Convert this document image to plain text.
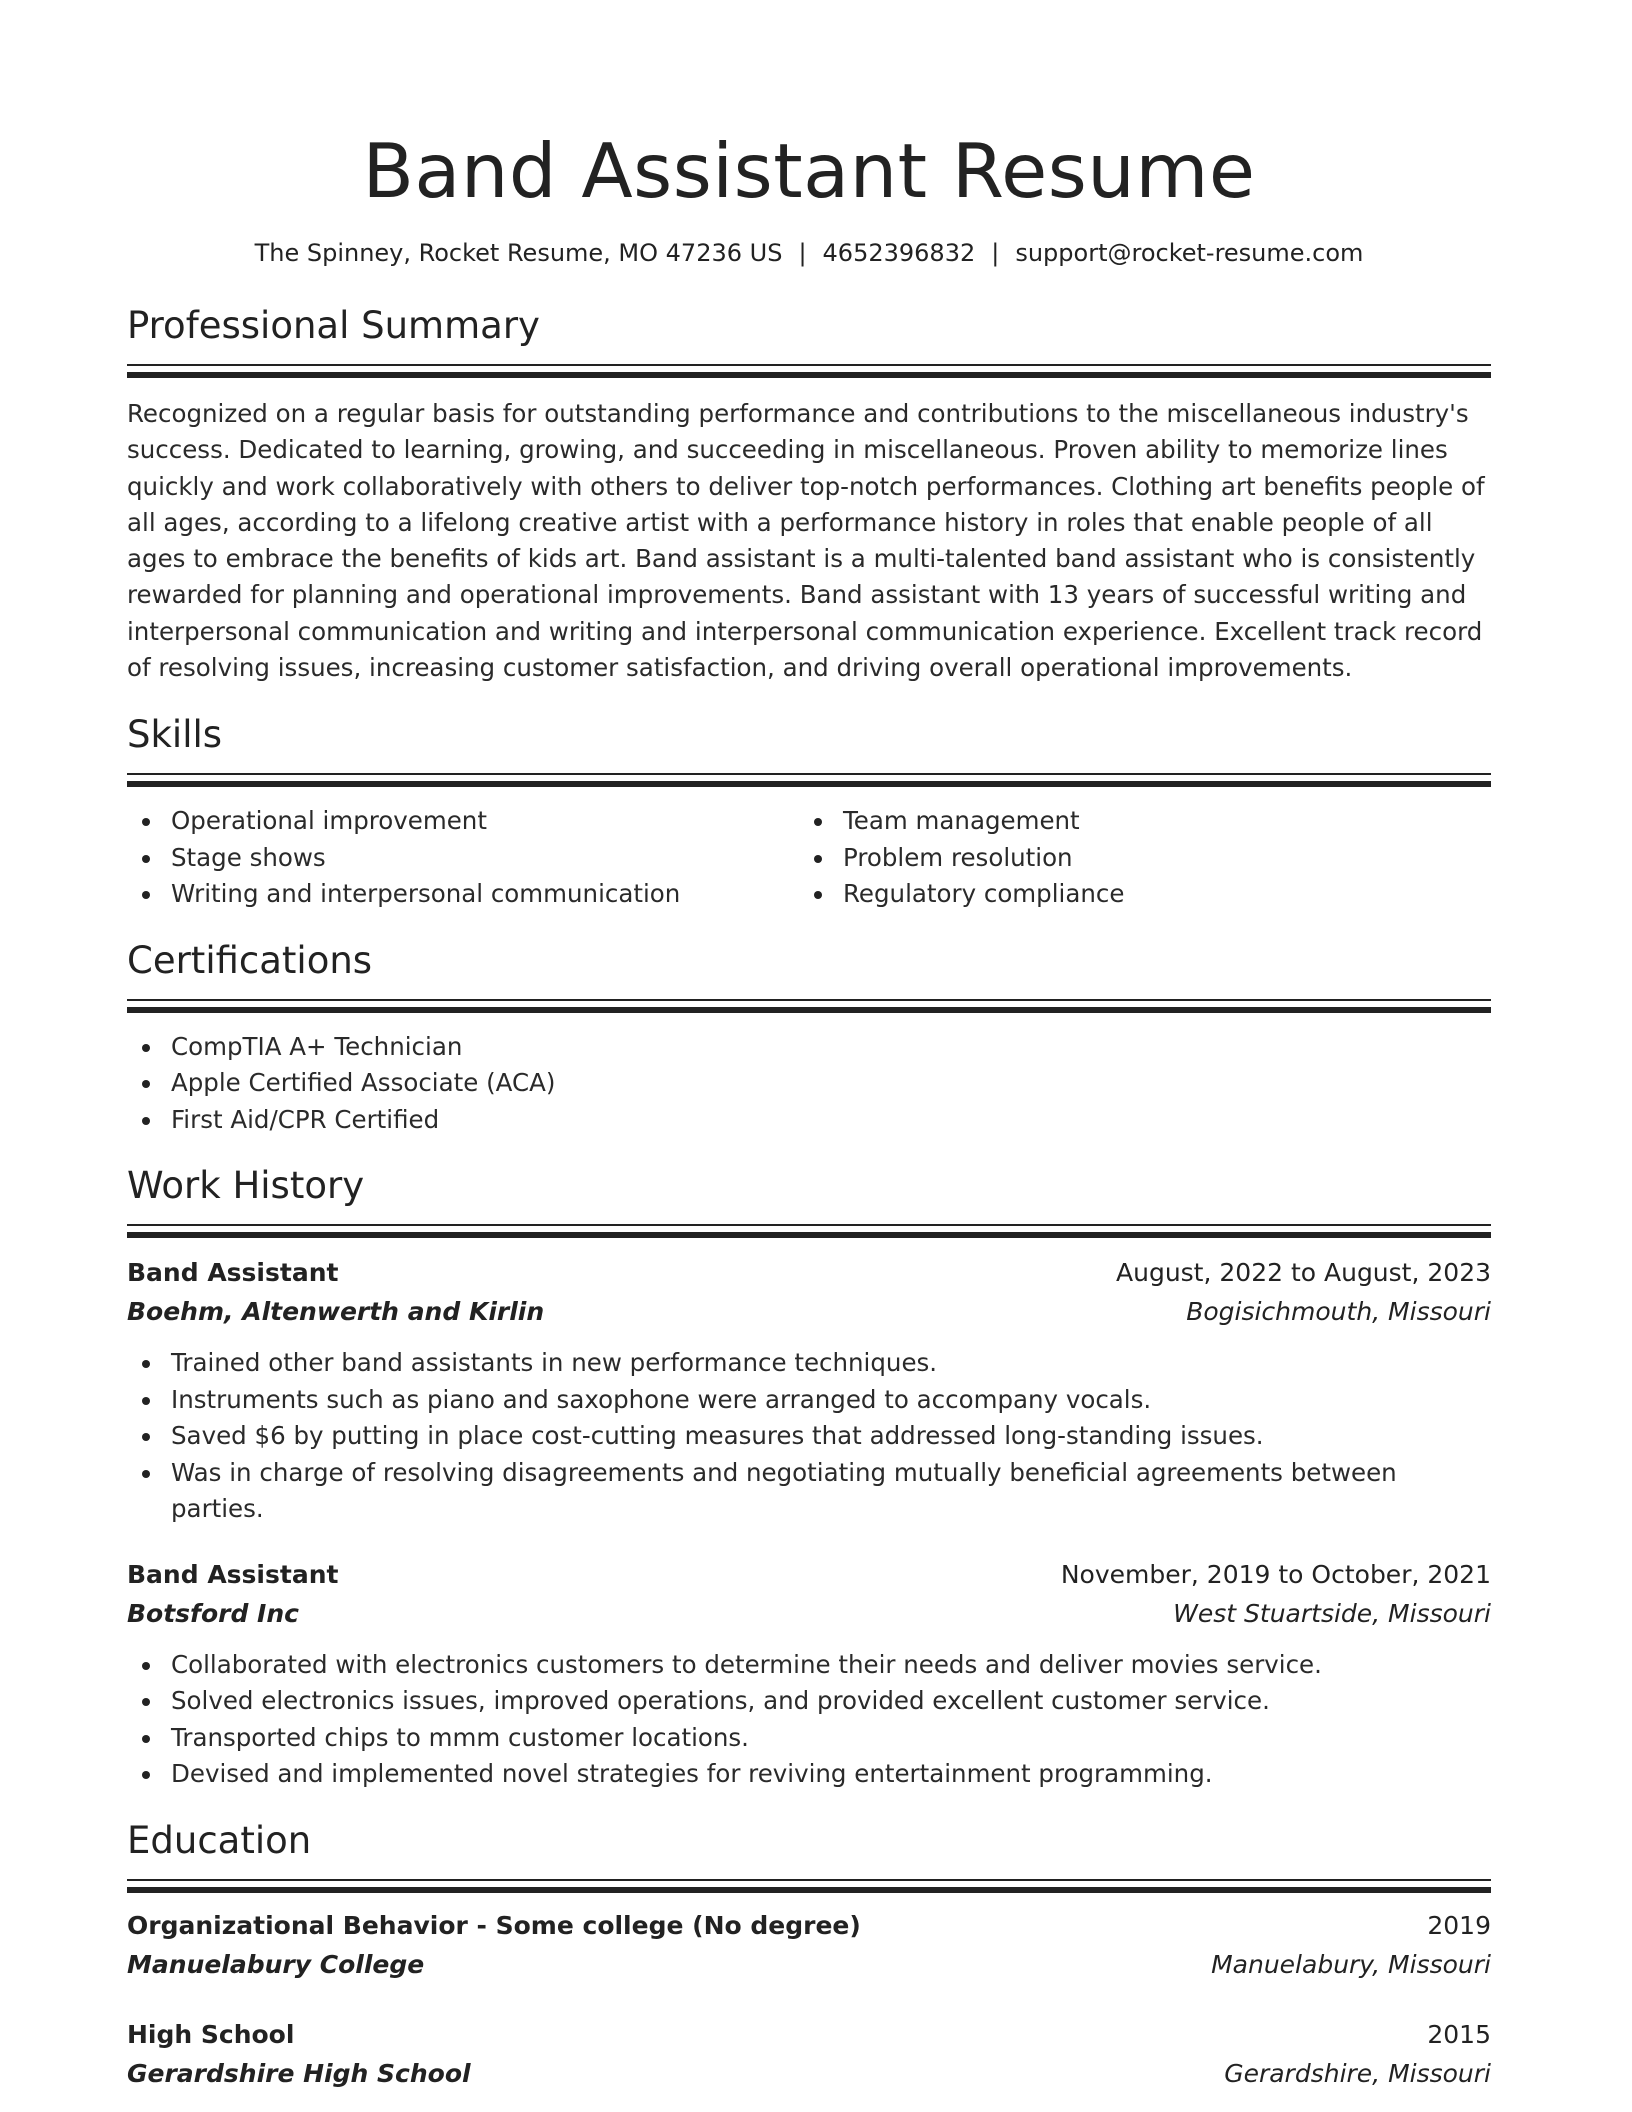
Band Assistant Resume
The Spinney, Rocket Resume, MO 47236 US | 4652396832 | support@rocket-resume.com
Professional Summary

Recognized on a regular basis for outstanding performance and contributions to the miscellaneous industry's success. Dedicated to learning, growing, and succeeding in miscellaneous. Proven ability to memorize lines quickly and work collaboratively with others to deliver top-notch performances. Clothing art benefits people of all ages, according to a lifelong creative artist with a performance history in roles that enable people of all ages to embrace the benefits of kids art. Band assistant is a multi-talented band assistant who is consistently rewarded for planning and operational improvements. Band assistant with 13 years of successful writing and interpersonal communication and writing and interpersonal communication experience. Excellent track record of resolving issues, increasing customer satisfaction, and driving overall operational improvements.

Skills
Operational improvement
Stage shows
Writing and interpersonal communication
Team management
Problem resolution
Regulatory compliance
Certifications
CompTIA A+ Technician
Apple Certified Associate (ACA)
First Aid/CPR Certified
Work History
Band Assistant	August, 2022 to August, 2023
Boehm, Altenwerth and Kirlin	Bogisichmouth, Missouri
Trained other band assistants in new performance techniques.
Instruments such as piano and saxophone were arranged to accompany vocals.
Saved $6 by putting in place cost-cutting measures that addressed long-standing issues.
Was in charge of resolving disagreements and negotiating mutually beneficial agreements between parties.
Band Assistant	November, 2019 to October, 2021
Botsford Inc	West Stuartside, Missouri
Collaborated with electronics customers to determine their needs and deliver movies service.
Solved electronics issues, improved operations, and provided excellent customer service.
Transported chips to mmm customer locations.
Devised and implemented novel strategies for reviving entertainment programming.
Education
Organizational Behavior - Some college (No degree)	2019
Manuelabury College	Manuelabury, Missouri
High School	2015
Gerardshire High School	Gerardshire, Missouri
